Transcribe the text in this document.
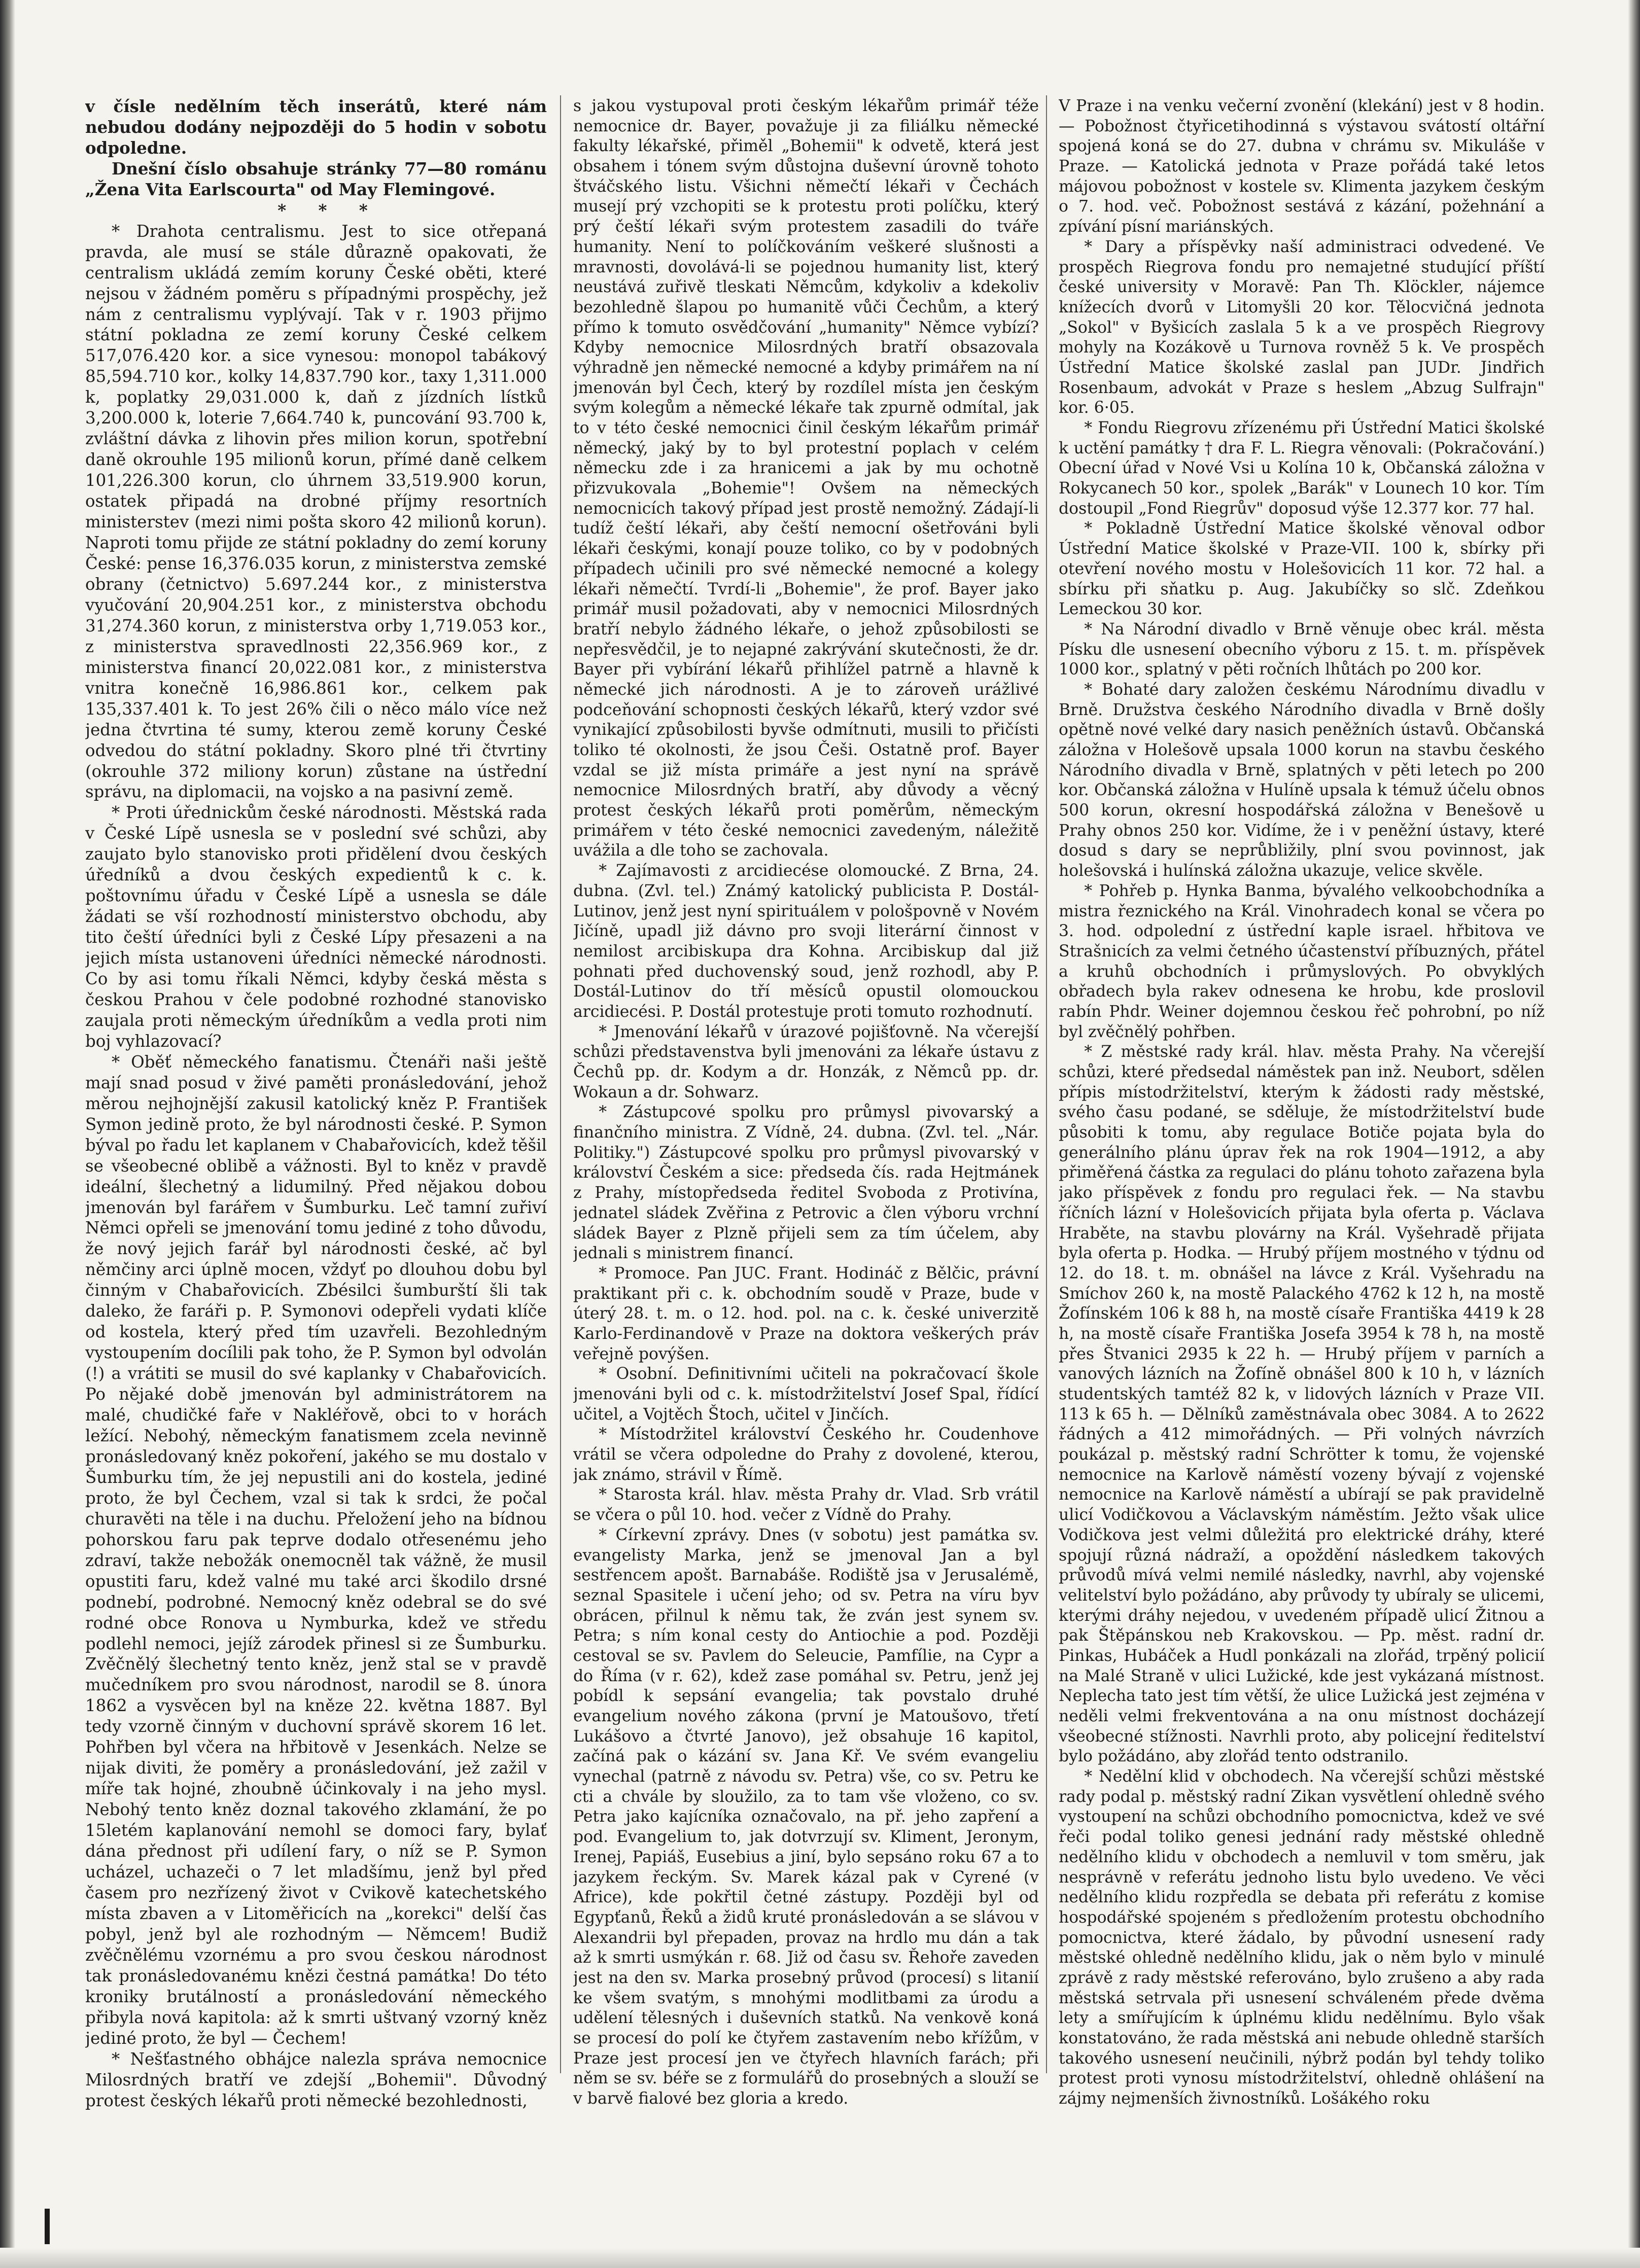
v čísle nedělním těch inserátů, které nám nebudou dodány nejpozději do 5 hodin v sobotu odpoledne.

Dnešní číslo obsahuje stránky 77—80 románu „Žena Vita Earlscourta" od May Flemingové.

* * *

* Drahota centralismu. Jest to sice otřepaná pravda, ale musí se stále důrazně opakovati, že centralism ukládá zemím koruny České oběti, které nejsou v žádném poměru s případnými prospěchy, jež nám z centralismu vyplývají. Tak v r. 1903 přijmo státní pokladna ze zemí koruny České celkem 517,076.420 kor. a sice vynesou: monopol tabákový 85,594.710 kor., kolky 14,837.790 kor., taxy 1,311.000 k, poplatky 29,031.000 k, daň z jízdních lístků 3,200.000 k, loterie 7,664.740 k, puncování 93.700 k, zvláštní dávka z lihovin přes milion korun, spotřební daně okrouhle 195 milionů korun, přímé daně celkem 101,226.300 korun, clo úhrnem 33,519.900 korun, ostatek připadá na drobné příjmy resortních ministerstev (mezi nimi pošta skoro 42 milionů korun). Naproti tomu přijde ze státní pokladny do zemí koruny České: pense 16,376.035 korun, z ministerstva zemské obrany (četnictvo) 5.697.244 kor., z ministerstva vyučování 20,904.251 kor., z ministerstva obchodu 31,274.360 korun, z ministerstva orby 1,719.053 kor., z ministerstva spravedlnosti 22,356.969 kor., z ministerstva financí 20,022.081 kor., z ministerstva vnitra konečně 16,986.861 kor., celkem pak 135,337.401 k. To jest 26% čili o něco málo více než jedna čtvrtina té sumy, kterou země koruny České odvedou do státní pokladny. Skoro plné tři čtvrtiny (okrouhle 372 miliony korun) zůstane na ústřední správu, na diplomacii, na vojsko a na pasivní země.

* Proti úřednickům české národnosti. Městská rada v České Lípě usnesla se v poslední své schůzi, aby zaujato bylo stanovisko proti přidělení dvou českých úředníků a dvou českých expedientů k c. k. poštovnímu úřadu v České Lípě a usnesla se dále žádati se vší rozhodností ministerstvo obchodu, aby tito čeští úředníci byli z České Lípy přesazeni a na jejich místa ustanoveni úředníci německé národnosti. Co by asi tomu říkali Němci, kdyby česká města s českou Prahou v čele podobné rozhodné stanovisko zaujala proti německým úředníkům a vedla proti nim boj vyhlazovací?

* Oběť německého fanatismu. Čtenáři naši ještě mají snad posud v živé paměti pronásledování, jehož měrou nejhojnější zakusil katolický kněz P. František Symon jedině proto, že byl národnosti české. P. Symon býval po řadu let kaplanem v Chabařovicích, kdež těšil se všeobecné oblibě a vážnosti. Byl to kněz v pravdě ideální, šlechetný a lidumilný. Před nějakou dobou jmenován byl farářem v Šumburku. Leč tamní zuřiví Němci opřeli se jmenování tomu jediné z toho důvodu, že nový jejich farář byl národnosti české, ač byl němčiny arci úplně mocen, vždyť po dlouhou dobu byl činným v Chabařovicích. Zbésilci šumburští šli tak daleko, že faráři p. P. Symonovi odepřeli vydati klíče od kostela, který před tím uzavřeli. Bezohledným vystoupením docílili pak toho, že P. Symon byl odvolán (!) a vrátiti se musil do své kaplanky v Chabařovicích. Po nějaké době jmenován byl administrátorem na malé, chudičké faře v Nakléřově, obci to v horách ležící. Nebohý, německým fanatismem zcela nevinně pronásledovaný kněz pokoření, jakého se mu dostalo v Šumburku tím, že jej nepustili ani do kostela, jediné proto, že byl Čechem, vzal si tak k srdci, že počal churavěti na těle i na duchu. Přeložení jeho na bídnou pohorskou faru pak teprve dodalo otřesenému jeho zdraví, takže nebožák onemocněl tak vážně, že musil opustiti faru, kdež valné mu také arci škodilo drsné podnebí, podrobné. Nemocný kněz odebral se do své rodné obce Ronova u Nymburka, kdež ve středu podlehl nemoci, jejíž zárodek přinesl si ze Šumburku. Zvěčnělý šlechetný tento kněz, jenž stal se v pravdě mučedníkem pro svou národnost, narodil se 8. února 1862 a vysvěcen byl na kněze 22. května 1887. Byl tedy vzorně činným v duchovní správě skorem 16 let. Pohřben byl včera na hřbitově v Jesenkách. Nelze se nijak diviti, že poměry a pronásledování, jež zažil v míře tak hojné, zhoubně účinkovaly i na jeho mysl. Nebohý tento kněz doznal takového zklamání, že po 15letém kaplanování nemohl se domoci fary, bylať dána přednost při udílení fary, o níž se P. Symon ucházel, uchazeči o 7 let mladšímu, jenž byl před časem pro nezřízený život v Cvikově katechetského místa zbaven a v Litoměřicích na „korekci" delší čas pobyl, jenž byl ale rozhodným — Němcem! Budiž zvěčnělému vzornému a pro svou českou národnost tak pronásledovanému knězi čestná památka! Do této kroniky brutálností a pronásledování německého přibyla nová kapitola: až k smrti uštvaný vzorný kněz jediné proto, že byl — Čechem!

* Nešťastného obhájce nalezla správa nemocnice Milosrdných bratří ve zdejší „Bohemii". Důvodný protest českých lékařů proti německé bezohlednosti,

s jakou vystupoval proti českým lékařům primář téže nemocnice dr. Bayer, považuje ji za filiálku německé fakulty lékařské, přiměl „Bohemii" k odvetě, která jest obsahem i tónem svým důstojna duševní úrovně tohoto štváčského listu. Všichni němečtí lékaři v Čechách musejí prý vzchopiti se k protestu proti políčku, který prý čeští lékaři svým protestem zasadili do tváře humanity. Není to políčkováním veškeré slušnosti a mravnosti, dovolává-li se pojednou humanity list, který neustává zuřivě tleskati Němcům, kdykoliv a kdekoliv bezohledně šlapou po humanitě vůči Čechům, a který přímo k tomuto osvědčování „humanity" Němce vybízí? Kdyby nemocnice Milosrdných bratří obsazovala výhradně jen německé nemocné a kdyby primářem na ní jmenován byl Čech, který by rozdílel místa jen českým svým kolegům a německé lékaře tak zpurně odmítal, jak to v této české nemocnici činil českým lékařům primář německý, jaký by to byl protestní poplach v celém německu zde i za hranicemi a jak by mu ochotně přizvukovala „Bohemie"! Ovšem na německých nemocnicích takový případ jest prostě nemožný. Zádají-li tudíž čeští lékaři, aby čeští nemocní ošetřováni byli lékaři českými, konají pouze toliko, co by v podobných případech učinili pro své německé nemocné a kolegy lékaři němečtí. Tvrdí-li „Bohemie", že prof. Bayer jako primář musil požadovati, aby v nemocnici Milosrdných bratří nebylo žádného lékaře, o jehož způsobilosti se nepřesvědčil, je to nejapné zakrývání skutečnosti, že dr. Bayer při vybírání lékařů přihlížel patrně a hlavně k německé jich národnosti. A je to zároveň urážlivé podceňování schopnosti českých lékařů, který vzdor své vynikající způsobilosti byvše odmítnuti, musili to přičísti toliko té okolnosti, že jsou Češi. Ostatně prof. Bayer vzdal se již místa primáře a jest nyní na správě nemocnice Milosrdných bratří, aby důvody a věcný protest českých lékařů proti poměrům, německým primářem v této české nemocnici zavedeným, náležitě uvážila a dle toho se zachovala.

* Zajímavosti z arcidiecése olomoucké. Z Brna, 24. dubna. (Zvl. tel.) Známý katolický publicista P. Dostál-Lutinov, jenž jest nyní spirituálem v pološpovně v Novém Jičíně, upadl již dávno pro svoji literární činnost v nemilost arcibiskupa dra Kohna. Arcibiskup dal již pohnati před duchovenský soud, jenž rozhodl, aby P. Dostál-Lutinov do tří měsíců opustil olomouckou arcidiecési. P. Dostál protestuje proti tomuto rozhodnutí.

* Jmenování lékařů v úrazové pojišťovně. Na včerejší schůzi představenstva byli jmenováni za lékaře ústavu z Čechů pp. dr. Kodym a dr. Honzák, z Němců pp. dr. Wokaun a dr. Sohwarz.

* Zástupcové spolku pro průmysl pivovarský a finančního ministra. Z Vídně, 24. dubna. (Zvl. tel. „Nár. Politiky.") Zástupcové spolku pro průmysl pivovarský v království Českém a sice: předseda čís. rada Hejtmánek z Prahy, místopředseda ředitel Svoboda z Protivína, jednatel sládek Zvěřina z Petrovic a člen výboru vrchní sládek Bayer z Plzně přijeli sem za tím účelem, aby jednali s ministrem financí.

* Promoce. Pan JUC. Frant. Hodináč z Bělčic, právní praktikant při c. k. obchodním soudě v Praze, bude v úterý 28. t. m. o 12. hod. pol. na c. k. české univerzitě Karlo-Ferdinandově v Praze na doktora veškerých práv veřejně povýšen.

* Osobní. Definitivními učiteli na pokračovací škole jmenováni byli od c. k. místodržitelství Josef Spal, řídící učitel, a Vojtěch Štoch, učitel v Jinčích.

* Místodržitel království Českého hr. Coudenhove vrátil se včera odpoledne do Prahy z dovolené, kterou, jak známo, strávil v Římě.

* Starosta král. hlav. města Prahy dr. Vlad. Srb vrátil se včera o půl 10. hod. večer z Vídně do Prahy.

* Církevní zprávy. Dnes (v sobotu) jest památka sv. evangelisty Marka, jenž se jmenoval Jan a byl sestřencem apošt. Barnabáše. Rodiště jsa v Jerusalémě, seznal Spasitele i učení jeho; od sv. Petra na víru byv obrácen, přilnul k němu tak, že zván jest synem sv. Petra; s ním konal cesty do Antiochie a pod. Později cestoval se sv. Pavlem do Seleucie, Pamfílie, na Cypr a do Říma (v r. 62), kdež zase pomáhal sv. Petru, jenž jej pobídl k sepsání evangelia; tak povstalo druhé evangelium nového zákona (první je Matoušovo, třetí Lukášovo a čtvrté Janovo), jež obsahuje 16 kapitol, začíná pak o kázání sv. Jana Kř. Ve svém evangeliu vynechal (patrně z návodu sv. Petra) vše, co sv. Petru ke cti a chvále by sloužilo, za to tam vše vloženo, co sv. Petra jako kajícníka označovalo, na př. jeho zapření a pod. Evangelium to, jak dotvrzují sv. Kliment, Jeronym, Irenej, Papiáš, Eusebius a jiní, bylo sepsáno roku 67 a to jazykem řeckým. Sv. Marek kázal pak v Cyrené (v Africe), kde pokřtil četné zástupy. Později byl od Egypťanů, Řeků a židů kruté pronásledován a se slávou v Alexandrii byl přepaden, provaz na hrdlo mu dán a tak až k smrti usmýkán r. 68. Již od času sv. Řehoře zaveden jest na den sv. Marka prosebný průvod (procesí) s litanií ke všem svatým, s mnohými modlitbami za úrodu a udělení tělesných i duševních statků. Na venkově koná se procesí do polí ke čtyřem zastavením nebo křížům, v Praze jest procesí jen ve čtyřech hlavních farách; při něm se sv. béře se z formulářů do prosebných a slouží se v barvě fialové bez gloria a kredo.

V Praze i na venku večerní zvonění (klekání) jest v 8 hodin. — Pobožnost čtyřicetihodinná s výstavou svátostí oltářní spojená koná se do 27. dubna v chrámu sv. Mikuláše v Praze. — Katolická jednota v Praze pořádá také letos májovou pobožnost v kostele sv. Klimenta jazykem českým o 7. hod. več. Pobožnost sestává z kázání, požehnání a zpívání písní mariánských.

* Dary a příspěvky naší administraci odvedené. Ve prospěch Riegrova fondu pro nemajetné studující příští české university v Moravě: Pan Th. Klöckler, nájemce knížecích dvorů v Litomyšli 20 kor. Tělocvičná jednota „Sokol" v Byšicích zaslala 5 k a ve prospěch Riegrovy mohyly na Kozákově u Turnova rovněž 5 k. Ve prospěch Ústřední Matice školské zaslal pan JUDr. Jindřich Rosenbaum, advokát v Praze s heslem „Abzug Sulfrajn" kor. 6·05.

* Fondu Riegrovu zřízenému při Ústřední Matici školské k uctění památky † dra F. L. Riegra věnovali: (Pokračování.) Obecní úřad v Nové Vsi u Kolína 10 k, Občanská záložna v Rokycanech 50 kor., spolek „Barák" v Lounech 10 kor. Tím dostoupil „Fond Riegrův" doposud výše 12.377 kor. 77 hal.

* Pokladně Ústřední Matice školské věnoval odbor Ústřední Matice školské v Praze-VII. 100 k, sbírky při otevření nového mostu v Holešovicích 11 kor. 72 hal. a sbírku při sňatku p. Aug. Jakubíčky so slč. Zdeňkou Lemeckou 30 kor.

* Na Národní divadlo v Brně věnuje obec král. města Písku dle usnesení obecního výboru z 15. t. m. příspěvek 1000 kor., splatný v pěti ročních lhůtách po 200 kor.

* Bohaté dary založen českému Národnímu divadlu v Brně. Družstva českého Národního divadla v Brně došly opětně nové velké dary nasich peněžních ústavů. Občanská záložna v Holešově upsala 1000 korun na stavbu českého Národního divadla v Brně, splatných v pěti letech po 200 kor. Občanská záložna v Hulíně upsala k témuž účelu obnos 500 korun, okresní hospodářská záložna v Benešově u Prahy obnos 250 kor. Vidíme, že i v peněžní ústavy, které dosud s dary se neprůbližily, plní svou povinnost, jak holešovská i hulínská záložna ukazuje, velice skvěle.

* Pohřeb p. Hynka Banma, bývalého velkoobchodníka a mistra řeznického na Král. Vinohradech konal se včera po 3. hod. odpolední z ústřední kaple israel. hřbitova ve Strašnicích za velmi četného účastenství příbuzných, přátel a kruhů obchodních i průmyslových. Po obvyklých obřadech byla rakev odnesena ke hrobu, kde proslovil rabín Phdr. Weiner dojemnou českou řeč pohrobní, po níž byl zvěčnělý pohřben.

* Z městské rady král. hlav. města Prahy. Na včerejší schůzi, které předsedal náměstek pan inž. Neubort, sdělen přípis místodržitelství, kterým k žádosti rady městské, svého času podané, se sděluje, že místodržitelství bude působiti k tomu, aby regulace Botiče pojata byla do generálního plánu úprav řek na rok 1904—1912, a aby přiměřená částka za regulaci do plánu tohoto zařazena byla jako příspěvek z fondu pro regulaci řek. — Na stavbu říčních lázní v Holešovicích přijata byla oferta p. Václava Hraběte, na stavbu plovárny na Král. Vyšehradě přijata byla oferta p. Hodka. — Hrubý příjem mostného v týdnu od 12. do 18. t. m. obnášel na lávce z Král. Vyšehradu na Smíchov 260 k, na mostě Palackého 4762 k 12 h, na mostě Žofínském 106 k 88 h, na mostě císaře Františka 4419 k 28 h, na mostě císaře Františka Josefa 3954 k 78 h, na mostě přes Štvanici 2935 k 22 h. — Hrubý příjem v parních a vanových lázních na Žofíně obnášel 800 k 10 h, v lázních studentských tamtéž 82 k, v lidových lázních v Praze VII. 113 k 65 h. — Dělníků zaměstnávala obec 3084. A to 2622 řádných a 412 mimořádných. — Při volných návrzích poukázal p. městský radní Schrötter k tomu, že vojenské nemocnice na Karlově náměstí vozeny bývají z vojenské nemocnice na Karlově náměstí a ubírají se pak pravidelně ulicí Vodičkovou a Václavským náměstím. Ježto však ulice Vodičkova jest velmi důležitá pro elektrické dráhy, které spojují různá nádraží, a opoždění následkem takových průvodů mívá velmi nemilé následky, navrhl, aby vojenské velitelství bylo požádáno, aby průvody ty ubíraly se ulicemi, kterými dráhy nejedou, v uvedeném případě ulicí Žitnou a pak Štěpánskou neb Krakovskou. — Pp. měst. radní dr. Pinkas, Hubáček a Hudl ponkázali na zlořád, trpěný policií na Malé Straně v ulici Lužické, kde jest vykázaná místnost. Neplecha tato jest tím větší, že ulice Lužická jest zejména v neděli velmi frekventována a na onu místnost docházejí všeobecné stížnosti. Navrhli proto, aby policejní ředitelství bylo požádáno, aby zlořád tento odstranilo.

* Nedělní klid v obchodech. Na včerejší schůzi městské rady podal p. městský radní Zikan vysvětlení ohledně svého vystoupení na schůzi obchodního pomocnictva, kdež ve své řeči podal toliko genesi jednání rady městské ohledně nedělního klidu v obchodech a nemluvil v tom směru, jak nesprávně v referátu jednoho listu bylo uvedeno. Ve věci nedělního klidu rozpředla se debata při referátu z komise hospodářské spojeném s předložením protestu obchodního pomocnictva, které žádalo, by původní usnesení rady městské ohledně nedělního klidu, jak o něm bylo v minulé zprávě z rady městské referováno, bylo zrušeno a aby rada městská setrvala při usnesení schváleném přede dvěma lety a smířujícím k úplnému klidu nedělnímu. Bylo však konstatováno, že rada městská ani nebude ohledně starších takového usnesení neučinili, nýbrž podán byl tehdy toliko protest proti vynosu místodržitelství, ohledně ohlášení na zájmy nejmenších živnostníků. Lošákého roku
